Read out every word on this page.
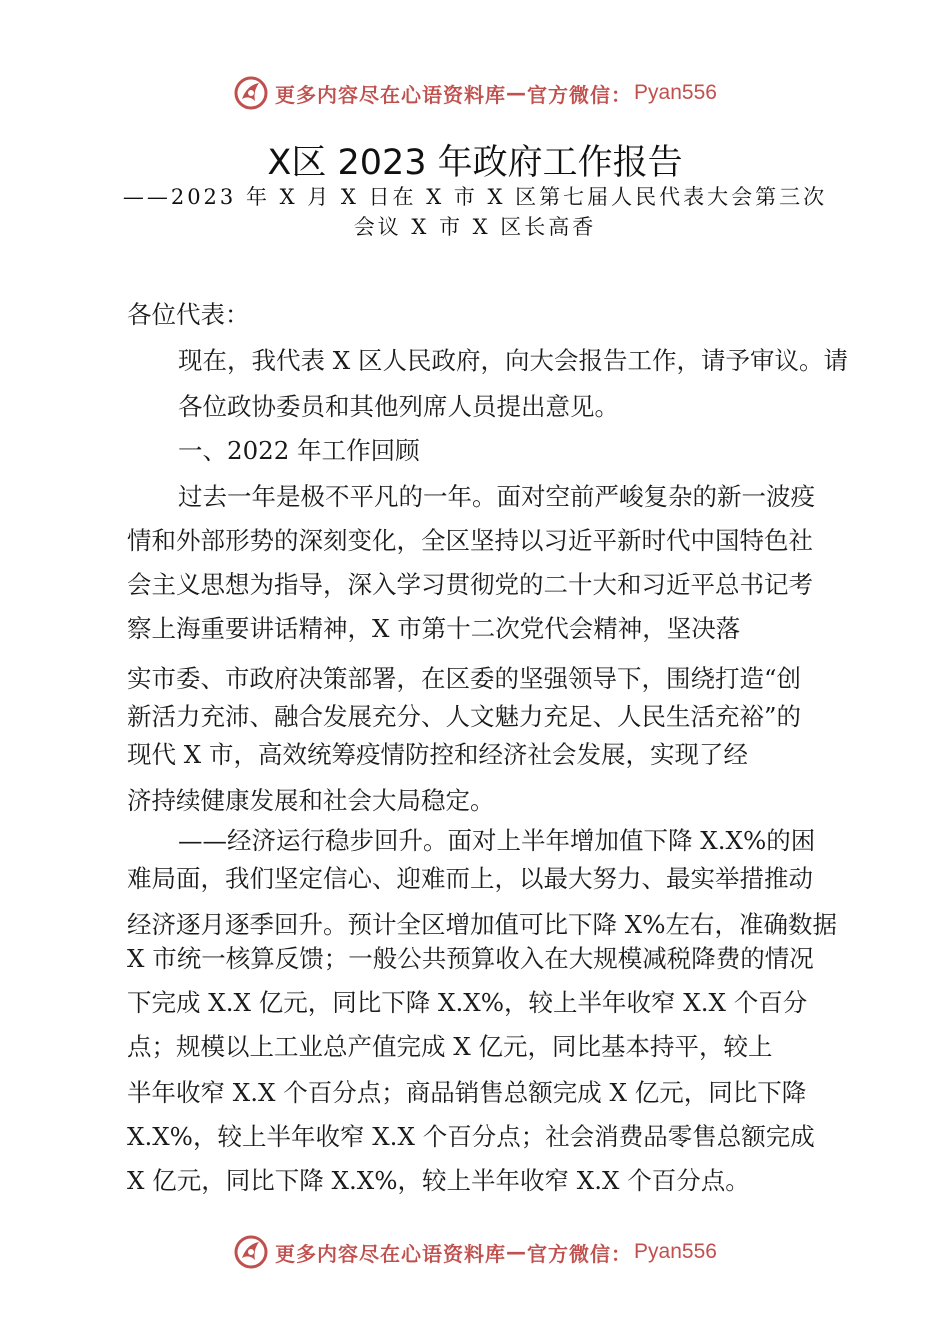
更多内容尽在心语资料库 — 官方微信： Pyan556
X区 2023 年政府工作报告
——2023 年 X 月 X 日在 X 市 X 区第七届人民代表大会第三次
会议 X 市 X 区长高香
各位代表：
现在，我代表 X 区人民政府，向大会报告工作，请予审议。请
各位政协委员和其他列席人员提出意见。
一、2022 年工作回顾
过去一年是极不平凡的一年。面对空前严峻复杂的新一波疫
情和外部形势的深刻变化，全区坚持以习近平新时代中国特色社
会主义思想为指导，深入学习贯彻党的二十大和习近平总书记考
察上海重要讲话精神，X 市第十二次党代会精神，坚决落
实市委、市政府决策部署，在区委的坚强领导下，围绕打造“创
新活力充沛、融合发展充分、人文魅力充足、人民生活充裕”的
现代 X 市，高效统筹疫情防控和经济社会发展，实现了经
济持续健康发展和社会大局稳定。
——经济运行稳步回升。面对上半年增加值下降 X.X%的困
难局面，我们坚定信心、迎难而上，以最大努力、最实举措推动
经济逐月逐季回升。预计全区增加值可比下降 X%左右，准确数据
X 市统一核算反馈；一般公共预算收入在大规模减税降费的情况
下完成 X.X 亿元，同比下降 X.X%，较上半年收窄 X.X 个百分
点；规模以上工业总产值完成 X 亿元，同比基本持平，较上
半年收窄 X.X 个百分点；商品销售总额完成 X 亿元，同比下降
X.X%，较上半年收窄 X.X 个百分点；社会消费品零售总额完成
X 亿元，同比下降 X.X%，较上半年收窄 X.X 个百分点。
更多内容尽在心语资料库 — 官方微信： Pyan556
